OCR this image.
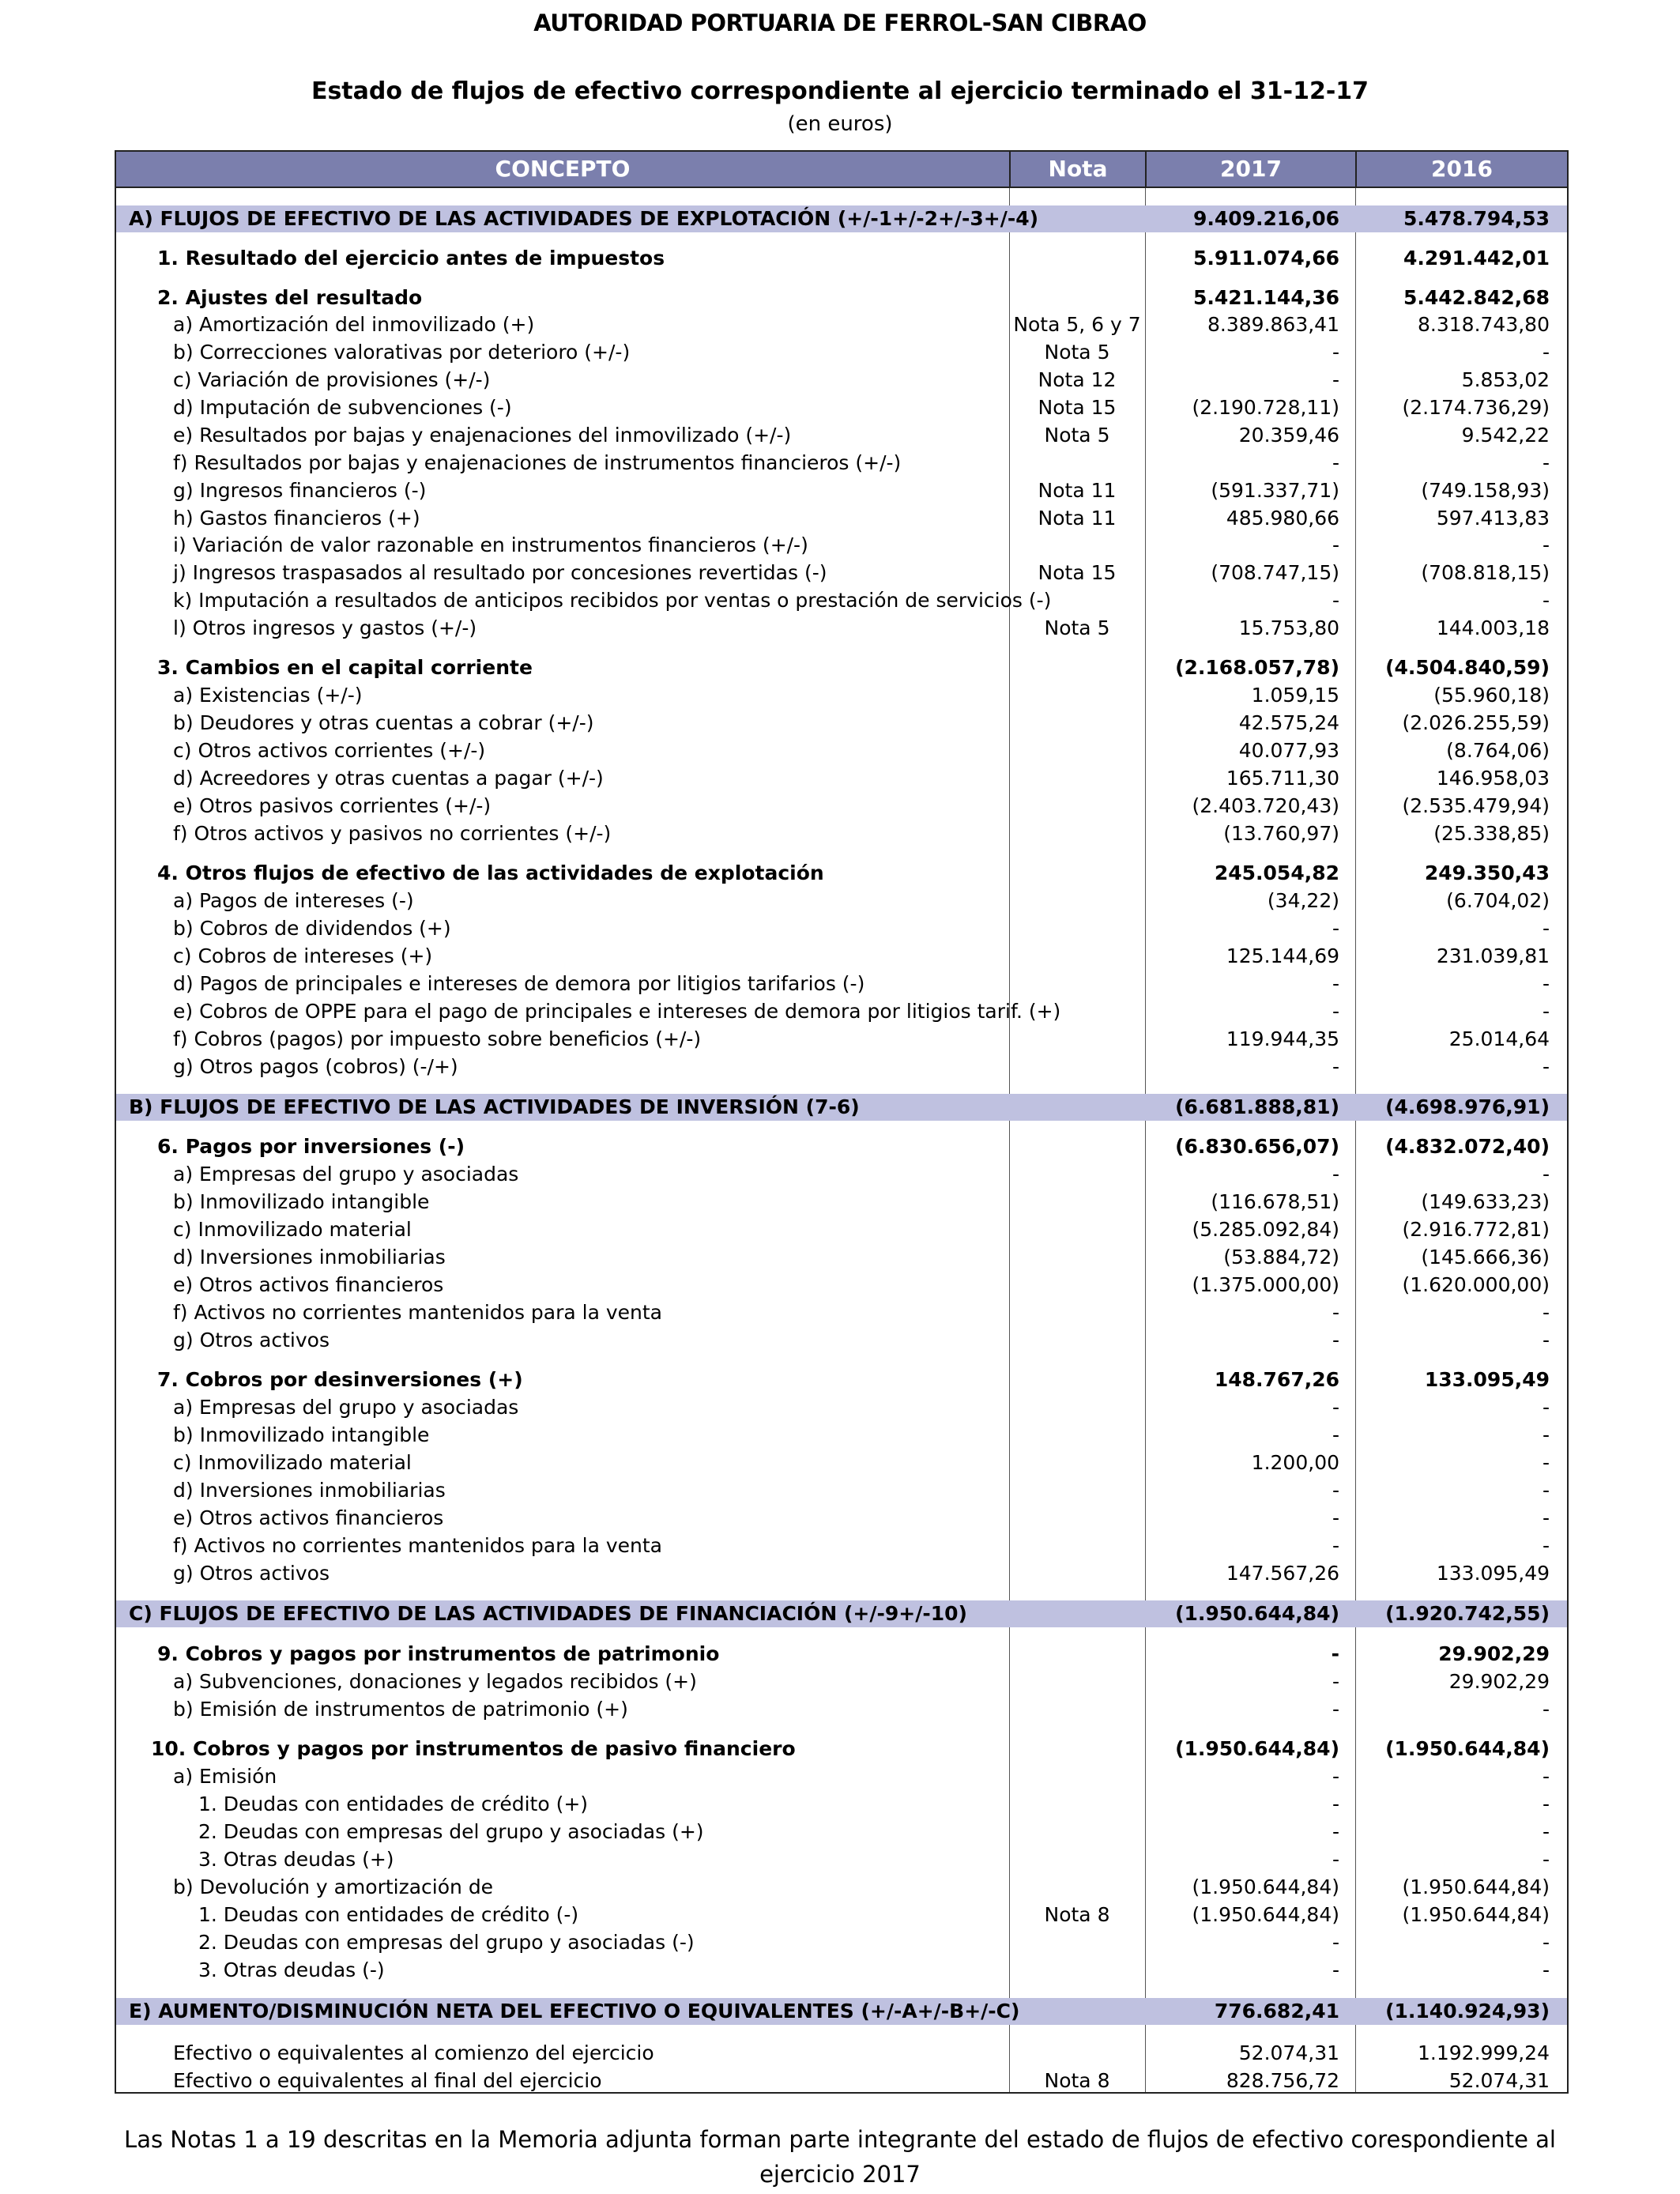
AUTORIDAD PORTUARIA DE FERROL-SAN CIBRAO
Estado de flujos de efectivo correspondiente al ejercicio terminado el 31-12-17
(en euros)
CONCEPTO	Nota	2017	2016
A) FLUJOS DE EFECTIVO DE LAS ACTIVIDADES DE EXPLOTACIÓN (+/-1+/-2+/-3+/-4)	9.409.216,06	5.478.794,53
1. Resultado del ejercicio antes de impuestos	5.911.074,66	4.291.442,01
2. Ajustes del resultado	5.421.144,36	5.442.842,68
a) Amortización del inmovilizado (+)	Nota 5, 6 y 7	8.389.863,41	8.318.743,80
b) Correcciones valorativas por deterioro (+/-)	Nota 5	-	-
c) Variación de provisiones (+/-)	Nota 12	-	5.853,02
d) Imputación de subvenciones (-)	Nota 15	(2.190.728,11)	(2.174.736,29)
e) Resultados por bajas y enajenaciones del inmovilizado (+/-)	Nota 5	20.359,46	9.542,22
f) Resultados por bajas y enajenaciones de instrumentos financieros (+/-)	-	-
g) Ingresos financieros (-)	Nota 11	(591.337,71)	(749.158,93)
h) Gastos financieros (+)	Nota 11	485.980,66	597.413,83
i) Variación de valor razonable en instrumentos financieros (+/-)	-	-
j) Ingresos traspasados al resultado por concesiones revertidas (-)	Nota 15	(708.747,15)	(708.818,15)
k) Imputación a resultados de anticipos recibidos por ventas o prestación de servicios (-)	-	-
l) Otros ingresos y gastos (+/-)	Nota 5	15.753,80	144.003,18
3. Cambios en el capital corriente	(2.168.057,78)	(4.504.840,59)
a) Existencias (+/-)	1.059,15	(55.960,18)
b) Deudores y otras cuentas a cobrar (+/-)	42.575,24	(2.026.255,59)
c) Otros activos corrientes (+/-)	40.077,93	(8.764,06)
d) Acreedores y otras cuentas a pagar (+/-)	165.711,30	146.958,03
e) Otros pasivos corrientes (+/-)	(2.403.720,43)	(2.535.479,94)
f) Otros activos y pasivos no corrientes (+/-)	(13.760,97)	(25.338,85)
4. Otros flujos de efectivo de las actividades de explotación	245.054,82	249.350,43
a) Pagos de intereses (-)	(34,22)	(6.704,02)
b) Cobros de dividendos (+)	-	-
c) Cobros de intereses (+)	125.144,69	231.039,81
d) Pagos de principales e intereses de demora por litigios tarifarios (-)	-	-
e) Cobros de OPPE para el pago de principales e intereses de demora por litigios tarif. (+)	-	-
f) Cobros (pagos) por impuesto sobre beneficios (+/-)	119.944,35	25.014,64
g) Otros pagos (cobros) (-/+)	-	-
B) FLUJOS DE EFECTIVO DE LAS ACTIVIDADES DE INVERSIÓN (7-6)	(6.681.888,81)	(4.698.976,91)
6. Pagos por inversiones (-)	(6.830.656,07)	(4.832.072,40)
a) Empresas del grupo y asociadas	-	-
b) Inmovilizado intangible	(116.678,51)	(149.633,23)
c) Inmovilizado material	(5.285.092,84)	(2.916.772,81)
d) Inversiones inmobiliarias	(53.884,72)	(145.666,36)
e) Otros activos financieros	(1.375.000,00)	(1.620.000,00)
f) Activos no corrientes mantenidos para la venta	-	-
g) Otros activos	-	-
7. Cobros por desinversiones (+)	148.767,26	133.095,49
a) Empresas del grupo y asociadas	-	-
b) Inmovilizado intangible	-	-
c) Inmovilizado material	1.200,00	-
d) Inversiones inmobiliarias	-	-
e) Otros activos financieros	-	-
f) Activos no corrientes mantenidos para la venta	-	-
g) Otros activos	147.567,26	133.095,49
C) FLUJOS DE EFECTIVO DE LAS ACTIVIDADES DE FINANCIACIÓN (+/-9+/-10)	(1.950.644,84)	(1.920.742,55)
9. Cobros y pagos por instrumentos de patrimonio	-	29.902,29
a) Subvenciones, donaciones y legados recibidos (+)	-	29.902,29
b) Emisión de instrumentos de patrimonio (+)	-	-
10. Cobros y pagos por instrumentos de pasivo financiero	(1.950.644,84)	(1.950.644,84)
a) Emisión	-	-
1. Deudas con entidades de crédito (+)	-	-
2. Deudas con empresas del grupo y asociadas (+)	-	-
3. Otras deudas (+)	-	-
b) Devolución y amortización de	(1.950.644,84)	(1.950.644,84)
1. Deudas con entidades de crédito (-)	Nota 8	(1.950.644,84)	(1.950.644,84)
2. Deudas con empresas del grupo y asociadas (-)	-	-
3. Otras deudas (-)	-	-
E) AUMENTO/DISMINUCIÓN NETA DEL EFECTIVO O EQUIVALENTES (+/-A+/-B+/-C)	776.682,41	(1.140.924,93)
Efectivo o equivalentes al comienzo del ejercicio	52.074,31	1.192.999,24
Efectivo o equivalentes al final del ejercicio	Nota 8	828.756,72	52.074,31
Las Notas 1 a 19 descritas en la Memoria adjunta forman parte integrante del estado de flujos de efectivo corespondiente al ejercicio 2017
